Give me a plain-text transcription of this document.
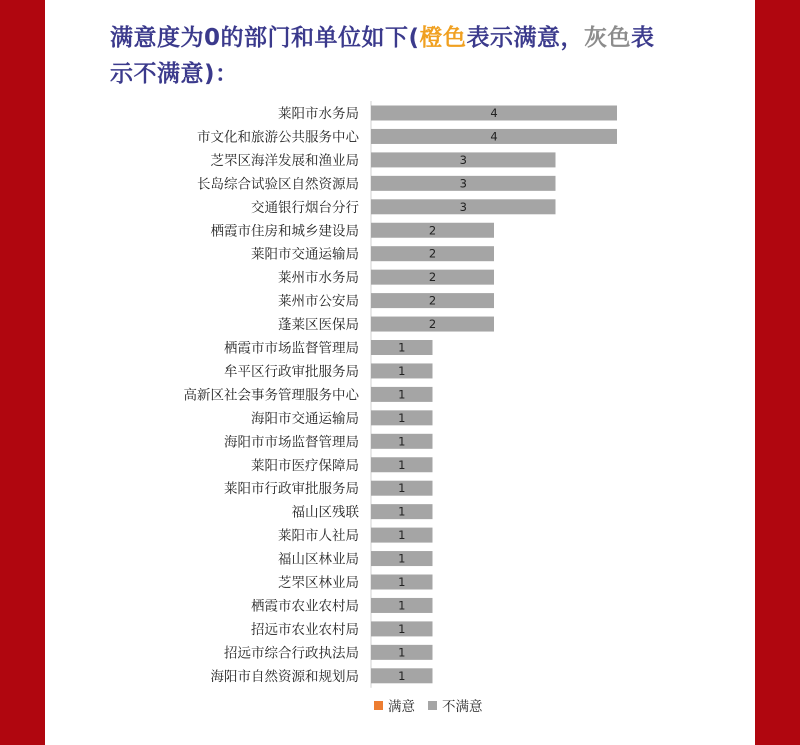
满意度为0的部门和单位如下(橙色表示满意，灰色表示不满意)：
莱阳市水务局	4
市文化和旅游公共服务中心	4
芝罘区海洋发展和渔业局	3
长岛综合试验区自然资源局	3
交通银行烟台分行	3
栖霞市住房和城乡建设局	2
莱阳市交通运输局	2
莱州市水务局	2
莱州市公安局	2
蓬莱区医保局	2
栖霞市市场监督管理局	1
牟平区行政审批服务局	1
高新区社会事务管理服务中心	1
海阳市交通运输局	1
海阳市市场监督管理局	1
莱阳市医疗保障局	1
莱阳市行政审批服务局	1
福山区残联	1
莱阳市人社局	1
福山区林业局	1
芝罘区林业局	1
栖霞市农业农村局	1
招远市农业农村局	1
招远市综合行政执法局	1
海阳市自然资源和规划局	1
满意 不满意
